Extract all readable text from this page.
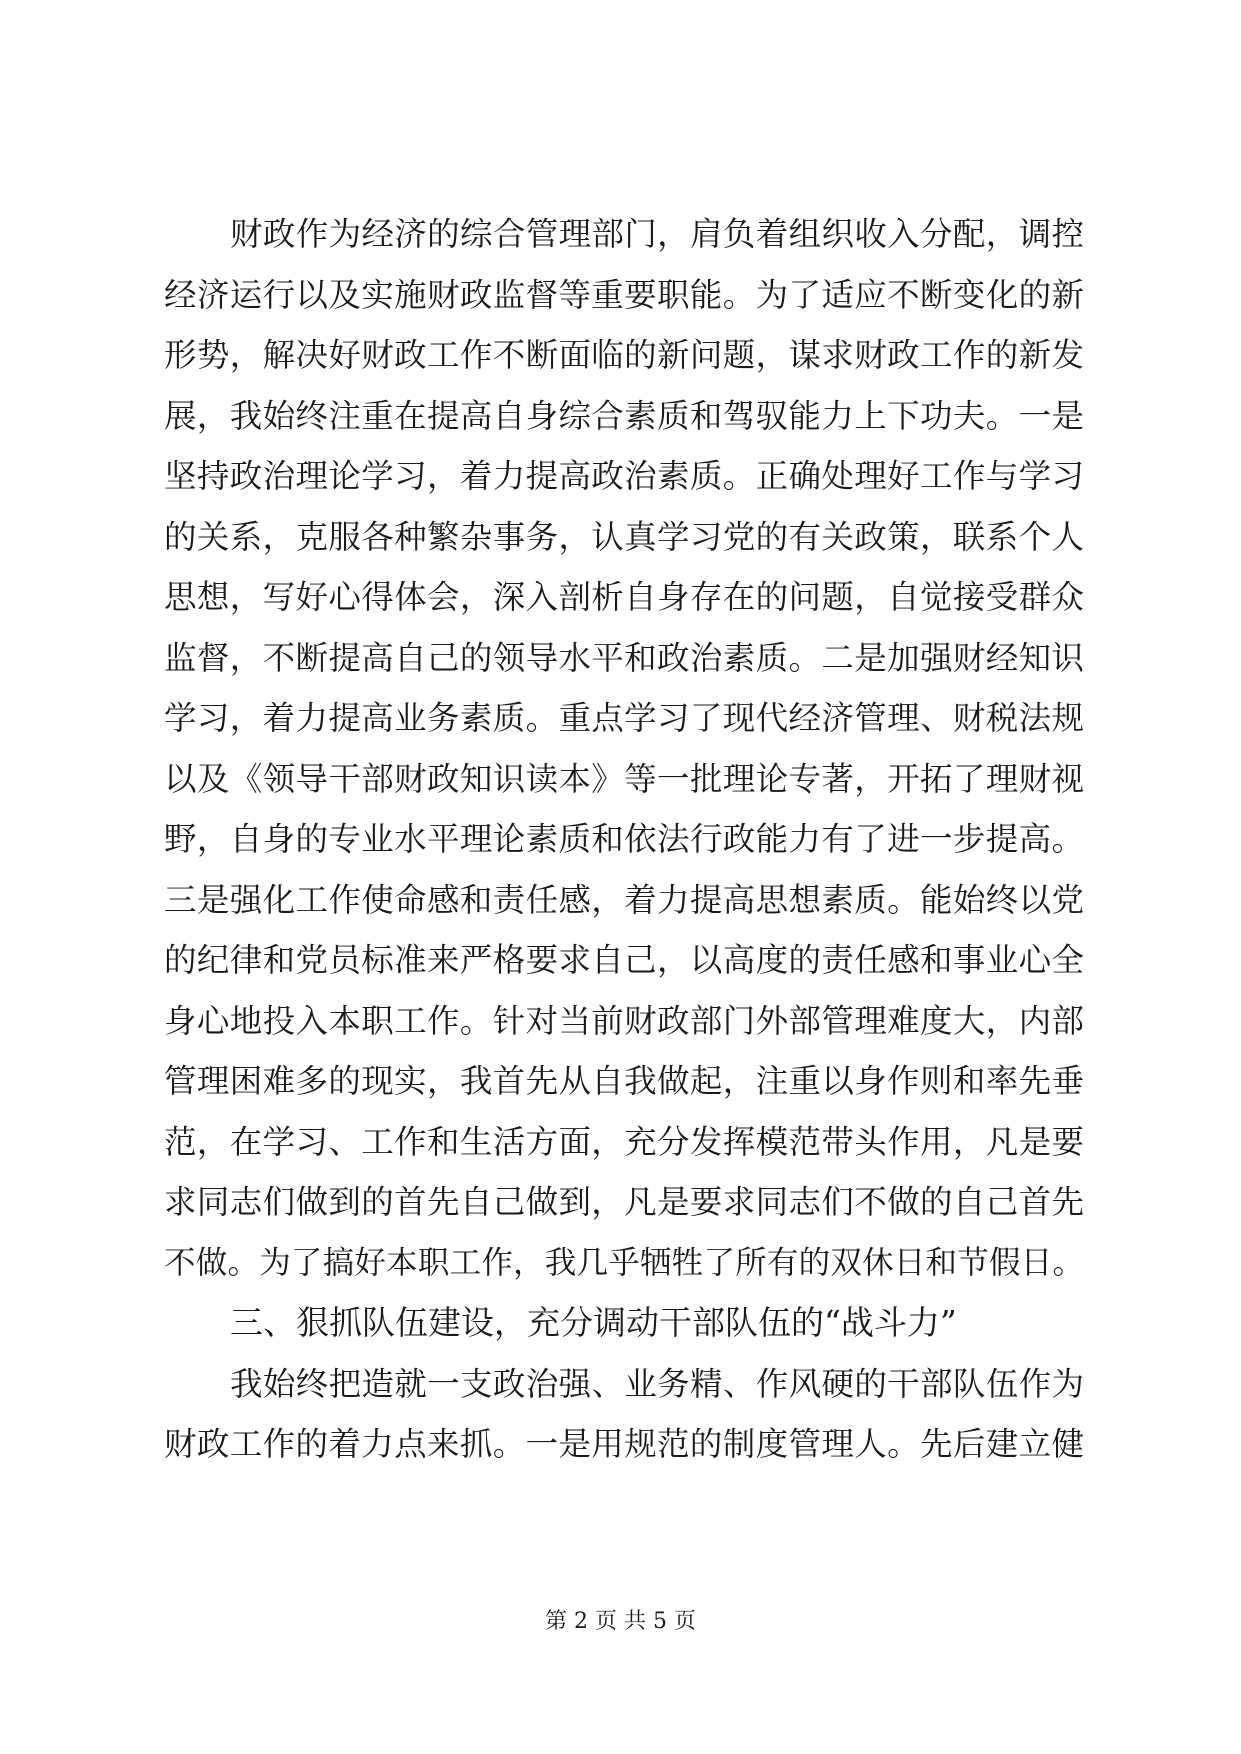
财政作为经济的综合管理部门，肩负着组织收入分配，调控
经济运行以及实施财政监督等重要职能。为了适应不断变化的新
形势，解决好财政工作不断面临的新问题，谋求财政工作的新发
展，我始终注重在提高自身综合素质和驾驭能力上下功夫。一是
坚持政治理论学习，着力提高政治素质。正确处理好工作与学习
的关系，克服各种繁杂事务，认真学习党的有关政策，联系个人
思想，写好心得体会，深入剖析自身存在的问题，自觉接受群众
监督，不断提高自己的领导水平和政治素质。二是加强财经知识
学习，着力提高业务素质。重点学习了现代经济管理、财税法规
以及《领导干部财政知识读本》等一批理论专著，开拓了理财视
野，自身的专业水平理论素质和依法行政能力有了进一步提高。
三是强化工作使命感和责任感，着力提高思想素质。能始终以党
的纪律和党员标准来严格要求自己，以高度的责任感和事业心全
身心地投入本职工作。针对当前财政部门外部管理难度大，内部
管理困难多的现实，我首先从自我做起，注重以身作则和率先垂
范，在学习、工作和生活方面，充分发挥模范带头作用，凡是要
求同志们做到的首先自己做到，凡是要求同志们不做的自己首先
不做。为了搞好本职工作，我几乎牺牲了所有的双休日和节假日。
三、狠抓队伍建设，充分调动干部队伍的“战斗力”
我始终把造就一支政治强、业务精、作风硬的干部队伍作为
财政工作的着力点来抓。一是用规范的制度管理人。先后建立健
第 2 页 共 5 页
